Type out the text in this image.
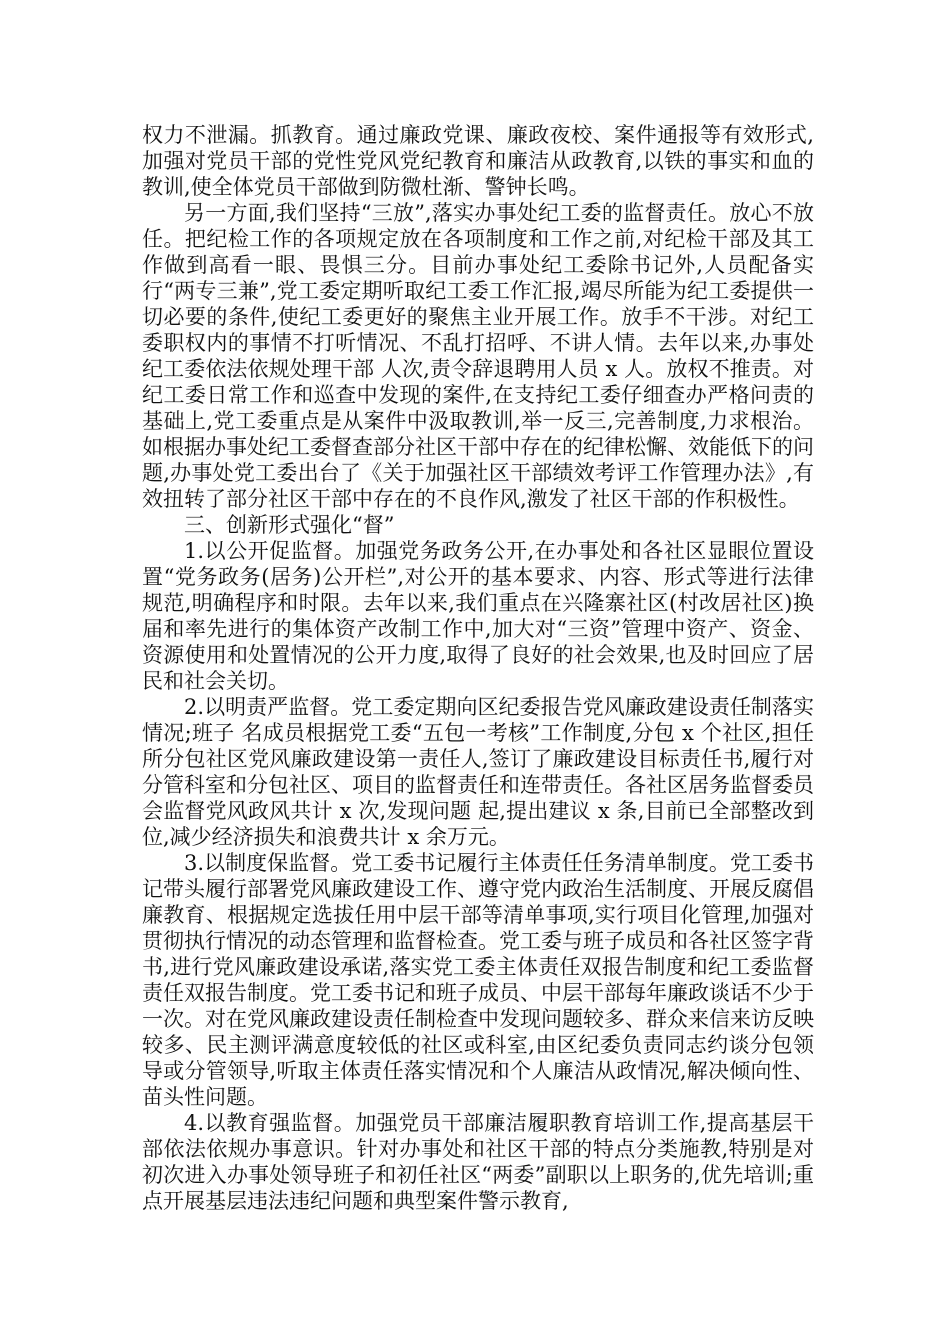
权力不泄漏。抓教育。通过廉政党课、廉政夜校、案件通报等有效形式,加强对党员干部的党性党风党纪教育和廉洁从政教育,以铁的事实和血的教训,使全体党员干部做到防微杜渐、警钟长鸣。

另一方面,我们坚持“三放”,落实办事处纪工委的监督责任。放心不放任。把纪检工作的各项规定放在各项制度和工作之前,对纪检干部及其工作做到高看一眼、畏惧三分。目前办事处纪工委除书记外,人员配备实行“两专三兼”,党工委定期听取纪工委工作汇报,竭尽所能为纪工委提供一切必要的条件,使纪工委更好的聚焦主业开展工作。放手不干涉。对纪工委职权内的事情不打听情况、不乱打招呼、不讲人情。去年以来,办事处纪工委依法依规处理干部 人次,责令辞退聘用人员 x 人。放权不推责。对纪工委日常工作和巡查中发现的案件,在支持纪工委仔细查办严格问责的基础上,党工委重点是从案件中汲取教训,举一反三,完善制度,力求根治。如根据办事处纪工委督查部分社区干部中存在的纪律松懈、效能低下的问题,办事处党工委出台了《关于加强社区干部绩效考评工作管理办法》,有效扭转了部分社区干部中存在的不良作风,激发了社区干部的作积极性。

三、创新形式强化“督”

1.以公开促监督。加强党务政务公开,在办事处和各社区显眼位置设置“党务政务(居务)公开栏”,对公开的基本要求、内容、形式等进行法律规范,明确程序和时限。去年以来,我们重点在兴隆寨社区(村改居社区)换届和率先进行的集体资产改制工作中,加大对“三资”管理中资产、资金、资源使用和处置情况的公开力度,取得了良好的社会效果,也及时回应了居民和社会关切。

2.以明责严监督。党工委定期向区纪委报告党风廉政建设责任制落实情况;班子 名成员根据党工委“五包一考核”工作制度,分包 x 个社区,担任所分包社区党风廉政建设第一责任人,签订了廉政建设目标责任书,履行对分管科室和分包社区、项目的监督责任和连带责任。各社区居务监督委员会监督党风政风共计 x 次,发现问题 起,提出建议 x 条,目前已全部整改到位,减少经济损失和浪费共计 x 余万元。

3.以制度保监督。党工委书记履行主体责任任务清单制度。党工委书记带头履行部署党风廉政建设工作、遵守党内政治生活制度、开展反腐倡廉教育、根据规定选拔任用中层干部等清单事项,实行项目化管理,加强对贯彻执行情况的动态管理和监督检查。党工委与班子成员和各社区签字背书,进行党风廉政建设承诺,落实党工委主体责任双报告制度和纪工委监督责任双报告制度。党工委书记和班子成员、中层干部每年廉政谈话不少于一次。对在党风廉政建设责任制检查中发现问题较多、群众来信来访反映较多、民主测评满意度较低的社区或科室,由区纪委负责同志约谈分包领导或分管领导,听取主体责任落实情况和个人廉洁从政情况,解决倾向性、苗头性问题。

4.以教育强监督。加强党员干部廉洁履职教育培训工作,提高基层干部依法依规办事意识。针对办事处和社区干部的特点分类施教,特别是对初次进入办事处领导班子和初任社区“两委”副职以上职务的,优先培训;重点开展基层违法违纪问题和典型案件警示教育,
